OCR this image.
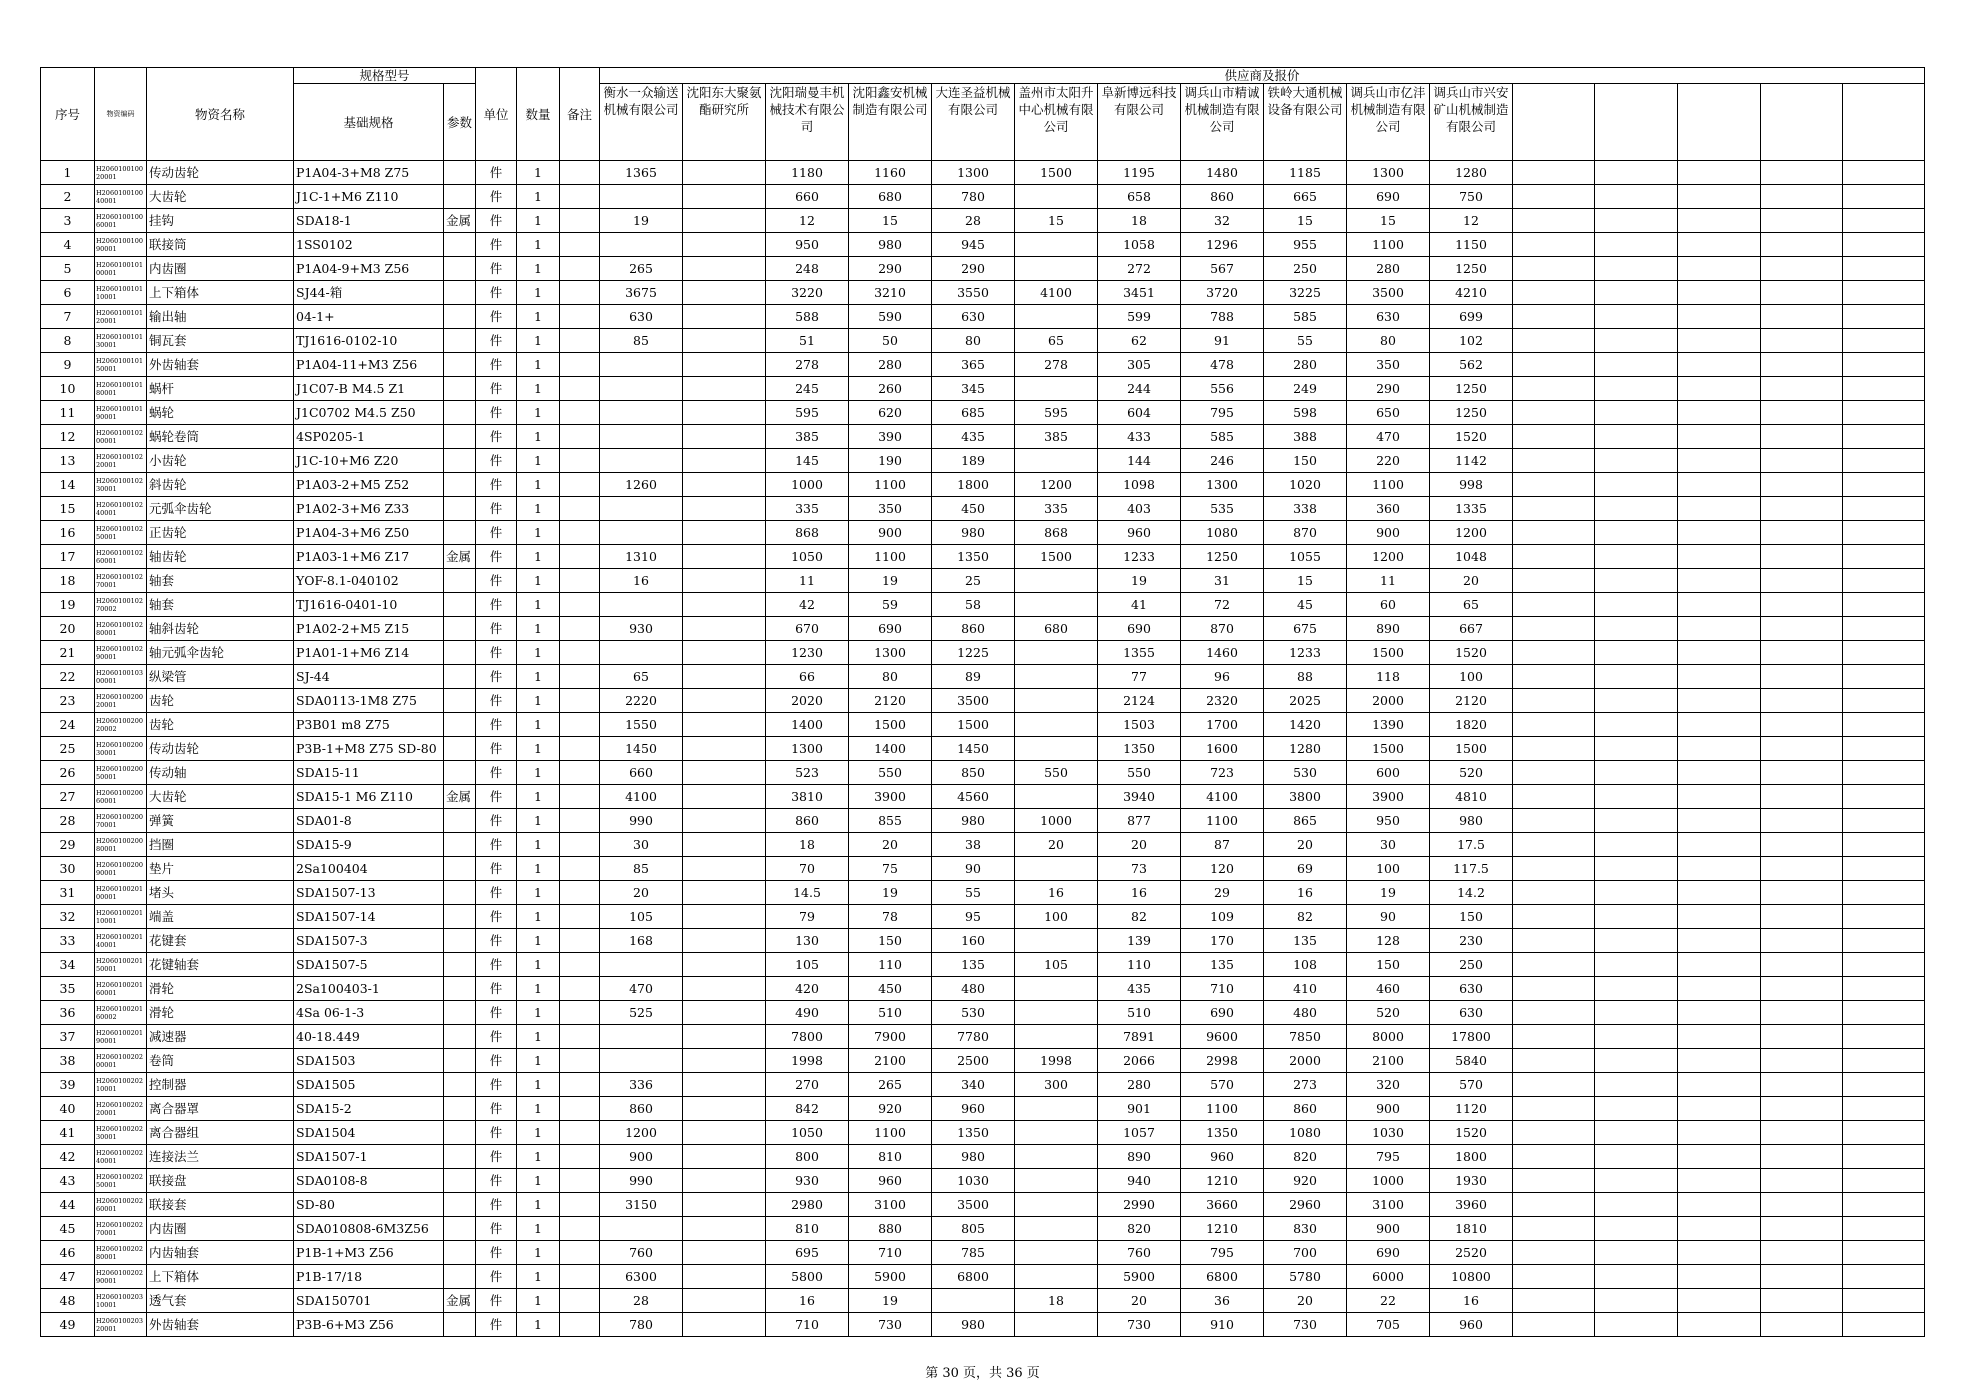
序号	物资编码	物资名称	规格型号		单位	数量	备注	供应商及报价															
			基础规格	参数				衡水一众输送机械有限公司	沈阳东大聚氨酯研究所	沈阳瑞曼丰机械技术有限公司	沈阳鑫安机械制造有限公司	大连圣益机械有限公司	盖州市太阳升中心机械有限公司	阜新博远科技有限公司	调兵山市精诚机械制造有限公司	铁岭大通机械设备有限公司	调兵山市亿沣机械制造有限公司	调兵山市兴安矿山机械制造有限公司					
1	H2060100100 20001	传动齿轮	P1A04-3+M8 Z75		件	1		1365		1180	1160	1300	1500	1195	1480	1185	1300	1280					
2	H2060100100 40001	大齿轮	J1C-1+M6 Z110		件	1				660	680	780		658	860	665	690	750					
3	H2060100100 60001	挂钩	SDA18-1	金属	件	1		19		12	15	28	15	18	32	15	15	12					
4	H2060100100 90001	联接筒	1SS0102		件	1				950	980	945		1058	1296	955	1100	1150					
5	H2060100101 00001	内齿圈	P1A04-9+M3 Z56		件	1		265		248	290	290		272	567	250	280	1250					
6	H2060100101 10001	上下箱体	SJ44-箱		件	1		3675		3220	3210	3550	4100	3451	3720	3225	3500	4210					
7	H2060100101 20001	输出轴	04-1+		件	1		630		588	590	630		599	788	585	630	699					
8	H2060100101 30001	铜瓦套	TJ1616-0102-10		件	1		85		51	50	80	65	62	91	55	80	102					
9	H2060100101 50001	外齿轴套	P1A04-11+M3 Z56		件	1				278	280	365	278	305	478	280	350	562					
10	H2060100101 80001	蜗杆	J1C07-B M4.5 Z1		件	1				245	260	345		244	556	249	290	1250					
11	H2060100101 90001	蜗轮	J1C0702 M4.5 Z50		件	1				595	620	685	595	604	795	598	650	1250					
12	H2060100102 00001	蜗轮卷筒	4SP0205-1		件	1				385	390	435	385	433	585	388	470	1520					
13	H2060100102 20001	小齿轮	J1C-10+M6 Z20		件	1				145	190	189		144	246	150	220	1142					
14	H2060100102 30001	斜齿轮	P1A03-2+M5 Z52		件	1		1260		1000	1100	1800	1200	1098	1300	1020	1100	998					
15	H2060100102 40001	元弧伞齿轮	P1A02-3+M6 Z33		件	1				335	350	450	335	403	535	338	360	1335					
16	H2060100102 50001	正齿轮	P1A04-3+M6 Z50		件	1				868	900	980	868	960	1080	870	900	1200					
17	H2060100102 60001	轴齿轮	P1A03-1+M6 Z17	金属	件	1		1310		1050	1100	1350	1500	1233	1250	1055	1200	1048					
18	H2060100102 70001	轴套	YOF-8.1-040102		件	1		16		11	19	25		19	31	15	11	20					
19	H2060100102 70002	轴套	TJ1616-0401-10		件	1				42	59	58		41	72	45	60	65					
20	H2060100102 80001	轴斜齿轮	P1A02-2+M5 Z15		件	1		930		670	690	860	680	690	870	675	890	667					
21	H2060100102 90001	轴元弧伞齿轮	P1A01-1+M6 Z14		件	1				1230	1300	1225		1355	1460	1233	1500	1520					
22	H2060100103 00001	纵梁管	SJ-44		件	1		65		66	80	89		77	96	88	118	100					
23	H2060100200 20001	齿轮	SDA0113-1M8 Z75		件	1		2220		2020	2120	3500		2124	2320	2025	2000	2120					
24	H2060100200 20002	齿轮	P3B01 m8 Z75		件	1		1550		1400	1500	1500		1503	1700	1420	1390	1820					
25	H2060100200 30001	传动齿轮	P3B-1+M8 Z75 SD-80		件	1		1450		1300	1400	1450		1350	1600	1280	1500	1500					
26	H2060100200 50001	传动轴	SDA15-11		件	1		660		523	550	850	550	550	723	530	600	520					
27	H2060100200 60001	大齿轮	SDA15-1 M6 Z110	金属	件	1		4100		3810	3900	4560		3940	4100	3800	3900	4810					
28	H2060100200 70001	弹簧	SDA01-8		件	1		990		860	855	980	1000	877	1100	865	950	980					
29	H2060100200 80001	挡圈	SDA15-9		件	1		30		18	20	38	20	20	87	20	30	17.5					
30	H2060100200 90001	垫片	2Sa100404		件	1		85		70	75	90		73	120	69	100	117.5					
31	H2060100201 00001	堵头	SDA1507-13		件	1		20		14.5	19	55	16	16	29	16	19	14.2					
32	H2060100201 10001	端盖	SDA1507-14		件	1		105		79	78	95	100	82	109	82	90	150					
33	H2060100201 40001	花键套	SDA1507-3		件	1		168		130	150	160		139	170	135	128	230					
34	H2060100201 50001	花键轴套	SDA1507-5		件	1				105	110	135	105	110	135	108	150	250					
35	H2060100201 60001	滑轮	2Sa100403-1		件	1		470		420	450	480		435	710	410	460	630					
36	H2060100201 60002	滑轮	4Sa 06-1-3		件	1		525		490	510	530		510	690	480	520	630					
37	H2060100201 90001	减速器	40-18.449		件	1				7800	7900	7780		7891	9600	7850	8000	17800					
38	H2060100202 00001	卷筒	SDA1503		件	1				1998	2100	2500	1998	2066	2998	2000	2100	5840					
39	H2060100202 10001	控制器	SDA1505		件	1		336		270	265	340	300	280	570	273	320	570					
40	H2060100202 20001	离合器罩	SDA15-2		件	1		860		842	920	960		901	1100	860	900	1120					
41	H2060100202 30001	离合器组	SDA1504		件	1		1200		1050	1100	1350		1057	1350	1080	1030	1520					
42	H2060100202 40001	连接法兰	SDA1507-1		件	1		900		800	810	980		890	960	820	795	1800					
43	H2060100202 50001	联接盘	SDA0108-8		件	1		990		930	960	1030		940	1210	920	1000	1930					
44	H2060100202 60001	联接套	SD-80		件	1		3150		2980	3100	3500		2990	3660	2960	3100	3960					
45	H2060100202 70001	内齿圈	SDA010808-6M3Z56		件	1				810	880	805		820	1210	830	900	1810					
46	H2060100202 80001	内齿轴套	P1B-1+M3 Z56		件	1		760		695	710	785		760	795	700	690	2520					
47	H2060100202 90001	上下箱体	P1B-17/18		件	1		6300		5800	5900	6800		5900	6800	5780	6000	10800					
48	H2060100203 10001	透气套	SDA150701	金属	件	1		28		16	19		18	20	36	20	22	16					
49	H2060100203 20001	外齿轴套	P3B-6+M3 Z56		件	1		780		710	730	980		730	910	730	705	960					
第 30 页，共 36 页
